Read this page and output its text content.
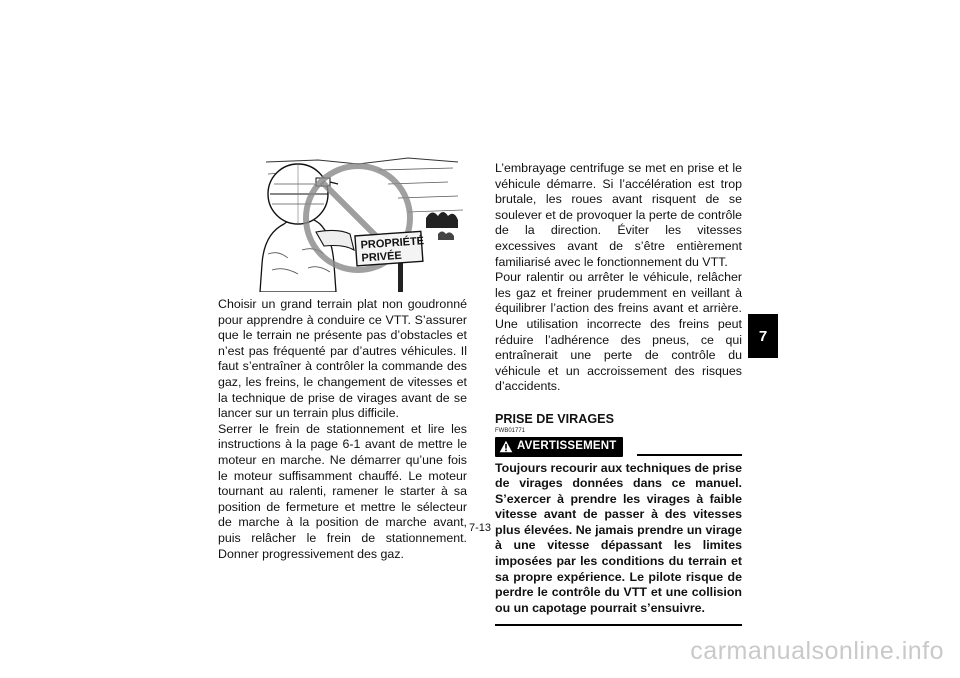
PROPRIÉTÉ
PRIVÉE

Choisir un grand terrain plat non goudronné pour apprendre à conduire ce VTT. S’assurer que le terrain ne présente pas d’obstacles et n’est pas fréquenté par d’autres véhicules. Il faut s’entraîner à contrôler la commande des gaz, les freins, le changement de vitesses et la technique de prise de virages avant de se lancer sur un terrain plus difficile.

Serrer le frein de stationnement et lire les instructions à la page 6-1 avant de mettre le moteur en marche. Ne démarrer qu’une fois le moteur suffisamment chauffé. Le moteur tournant au ralenti, ramener le starter à sa position de fermeture et mettre le sélecteur de marche à la position de marche avant, puis relâcher le frein de stationnement. Donner progressivement des gaz.

L’embrayage centrifuge se met en prise et le véhicule démarre. Si l’accélération est trop brutale, les roues avant risquent de se soulever et de provoquer la perte de contrôle de la direction. Éviter les vitesses excessives avant de s’être entièrement familiarisé avec le fonctionnement du VTT.

Pour ralentir ou arrêter le véhicule, relâcher les gaz et freiner prudemment en veillant à équilibrer l’action des freins avant et arrière. Une utilisation incorrecte des freins peut réduire l’adhérence des pneus, ce qui entraînerait une perte de contrôle du véhicule et un accroissement des risques d’accidents.

PRISE DE VIRAGES

FWB01771

AVERTISSEMENT

Toujours recourir aux techniques de prise de virages données dans ce manuel. S’exercer à prendre les virages à faible vitesse avant de passer à des vitesses plus élevées. Ne jamais prendre un virage à une vitesse dépassant les limites imposées par les conditions du terrain et sa propre expérience. Le pilote risque de perdre le contrôle du VTT et une collision ou un capotage pourrait s’ensuivre.

7
7-13
carmanualsonline.info
